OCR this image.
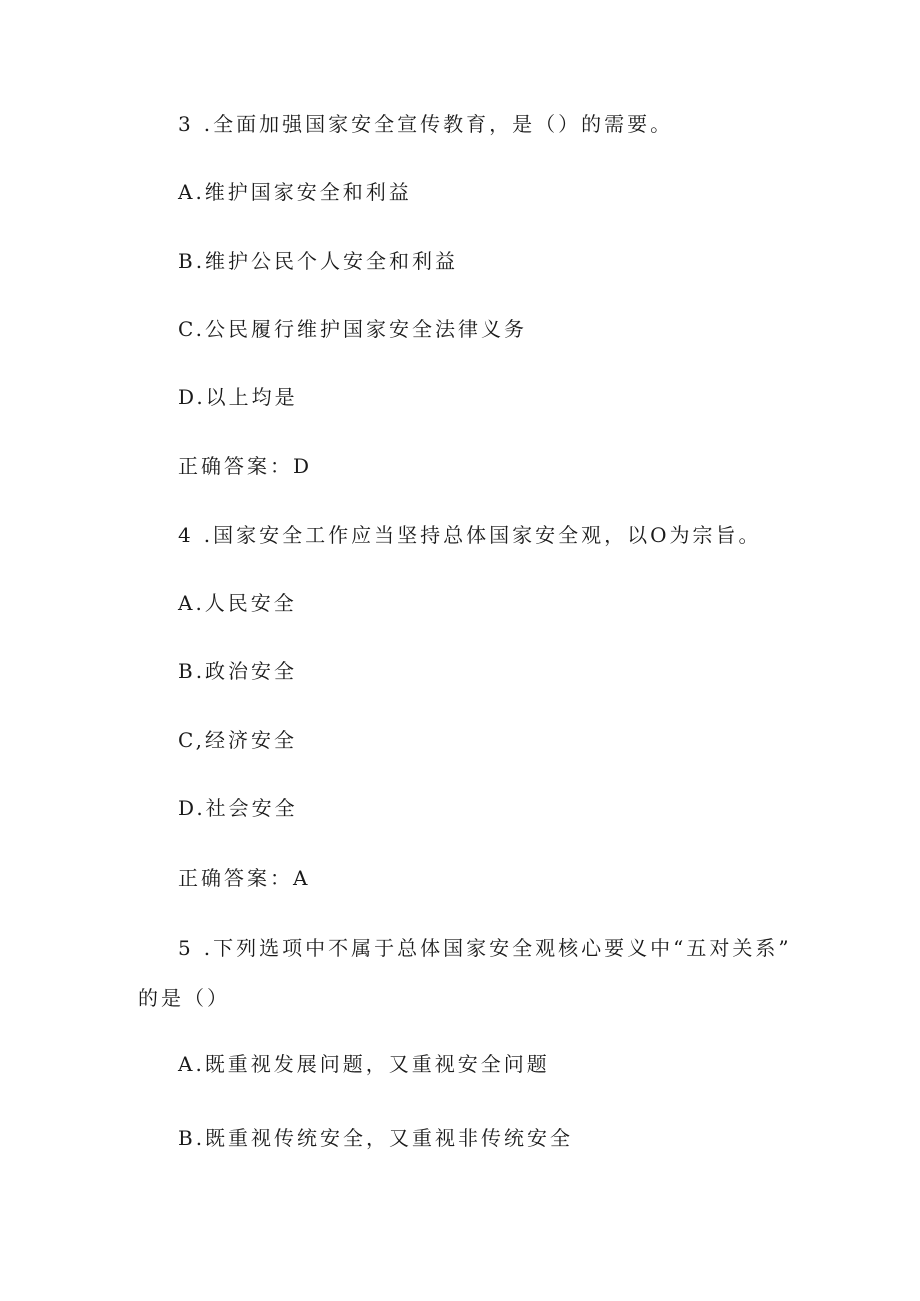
3 .全面加强国家安全宣传教育，是（）的需要。
A.维护国家安全和利益
B.维护公民个人安全和利益
C.公民履行维护国家安全法律义务
D.以上均是
正确答案：D
4 .国家安全工作应当坚持总体国家安全观，以O为宗旨。
A.人民安全
B.政治安全
C,经济安全
D.社会安全
正确答案：A
5 .下列选项中不属于总体国家安全观核心要义中“五对关系”
的是（）
A.既重视发展问题，又重视安全问题
B.既重视传统安全，又重视非传统安全
